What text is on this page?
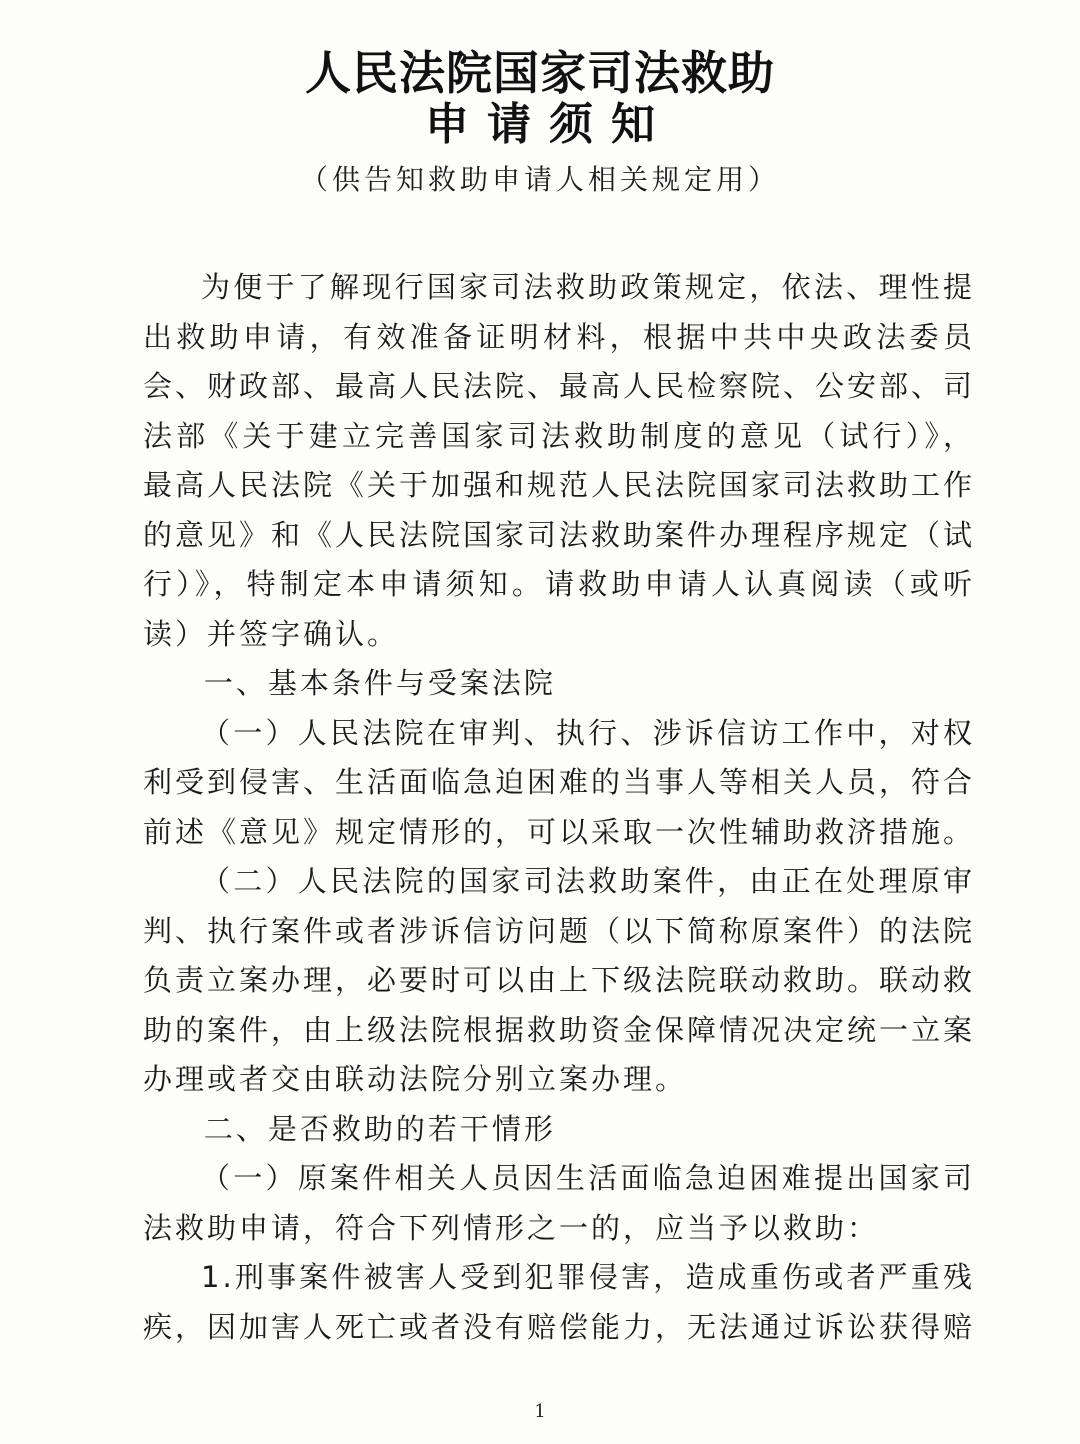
人民法院国家司法救助
申请须知
（供告知救助申请人相关规定用）

为便于了解现行国家司法救助政策规定，依法、理性提出救助申请，有效准备证明材料，根据中共中央政法委员会、财政部、最高人民法院、最高人民检察院、公安部、司法部《关于建立完善国家司法救助制度的意见（试行）》，最高人民法院《关于加强和规范人民法院国家司法救助工作的意见》和《人民法院国家司法救助案件办理程序规定（试行）》，特制定本申请须知。请救助申请人认真阅读（或听读）并签字确认。

一、基本条件与受案法院

（一）人民法院在审判、执行、涉诉信访工作中，对权利受到侵害、生活面临急迫困难的当事人等相关人员，符合前述《意见》规定情形的，可以采取一次性辅助救济措施。

（二）人民法院的国家司法救助案件，由正在处理原审判、执行案件或者涉诉信访问题（以下简称原案件）的法院负责立案办理，必要时可以由上下级法院联动救助。联动救助的案件，由上级法院根据救助资金保障情况决定统一立案办理或者交由联动法院分别立案办理。

二、是否救助的若干情形

（一）原案件相关人员因生活面临急迫困难提出国家司法救助申请，符合下列情形之一的，应当予以救助：

1.刑事案件被害人受到犯罪侵害，造成重伤或者严重残疾，因加害人死亡或者没有赔偿能力，无法通过诉讼获得赔

1
